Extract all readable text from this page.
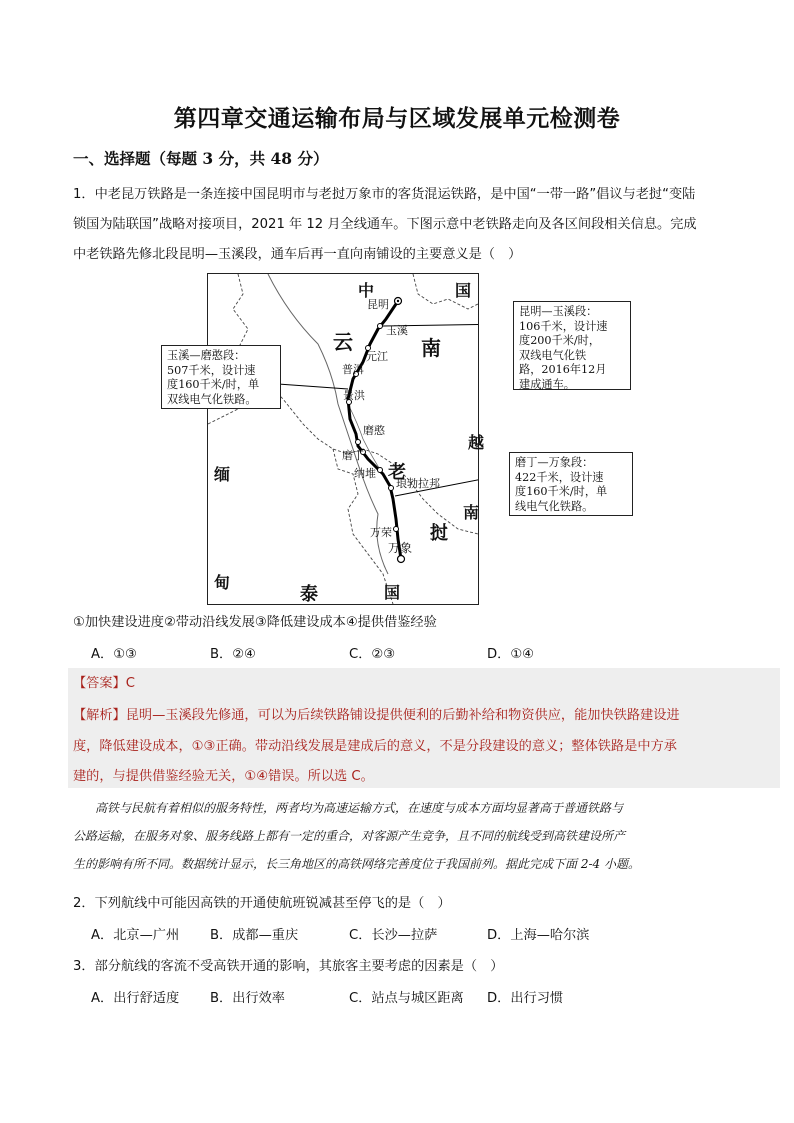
第四章交通运输布局与区域发展单元检测卷
一、选择题（每题 3 分，共 48 分）
1．中老昆万铁路是一条连接中国昆明市与老挝万象市的客货混运铁路，是中国“一带一路”倡议与老挝“变陆
锁国为陆联国”战略对接项目，2021 年 12 月全线通车。下图示意中老铁路走向及各区间段相关信息。完成
中老铁路先修北段昆明—玉溪段，通车后再一直向南铺设的主要意义是（　）
中	国
云	南
越
缅	老
挝
南
甸
泰	国
昆明
玉溪
元江
普洱
景洪
磨憨
磨丁
纳堆
琅勃拉邦
万荣
万象
昆明—玉溪段：
106千米，设计速
度200千米/时，
双线电气化铁
路，2016年12月
建成通车。
玉溪—磨憨段：
507千米，设计速
度160千米/时，单
双线电气化铁路。
磨丁—万象段：
422千米，设计速
度160千米/时，单
线电气化铁路。
①加快建设进度②带动沿线发展③降低建设成本④提供借鉴经验
A．①③	B．②④	C．②③	D．①④
【答案】C
【解析】昆明—玉溪段先修通，可以为后续铁路铺设提供便利的后勤补给和物资供应，能加快铁路建设进
度，降低建设成本，①③正确。带动沿线发展是建成后的意义，不是分段建设的意义；整体铁路是中方承
建的，与提供借鉴经验无关，①④错误。所以选 C。
高铁与民航有着相似的服务特性，两者均为高速运输方式，在速度与成本方面均显著高于普通铁路与
公路运输，在服务对象、服务线路上都有一定的重合，对客源产生竞争，且不同的航线受到高铁建设所产
生的影响有所不同。数据统计显示，长三角地区的高铁网络完善度位于我国前列。据此完成下面 2-4 小题。
2．下列航线中可能因高铁的开通使航班锐减甚至停飞的是（　）
A．北京—广州 B．成都—重庆	C．长沙—拉萨	D．上海—哈尔滨
3．部分航线的客流不受高铁开通的影响，其旅客主要考虑的因素是（　）
A．出行舒适度 B．出行效率	C．站点与城区距离 D．出行习惯
